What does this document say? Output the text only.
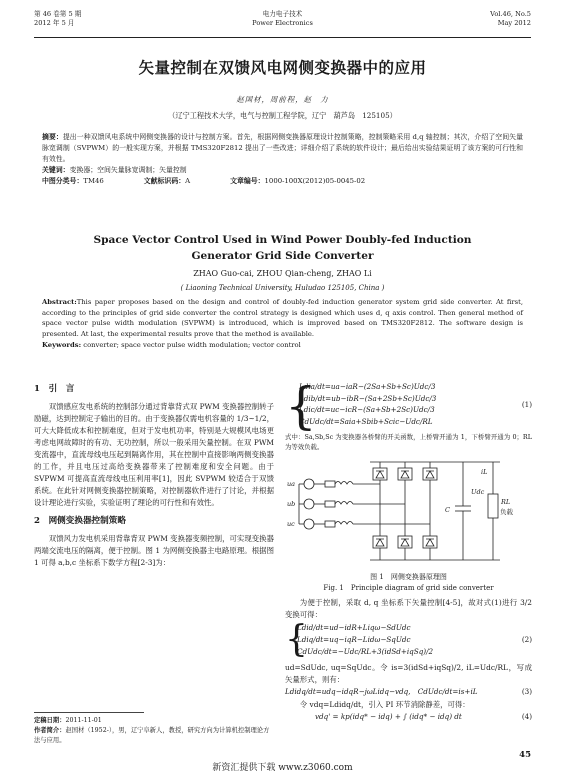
第 46 卷第 5 期
2012 年 5 月
电力电子技术
Power Electronics
Vol.46, No.5
May 2012
矢量控制在双馈风电网侧变换器中的应用
赵国材，周前程，赵　力
（辽宁工程技术大学，电气与控制工程学院，辽宁　葫芦岛　125105）
摘要：提出一种双馈风电系统中网侧变换器的设计与控制方案。首先，根据网侧变换器原理设计控制策略，控制策略采用 d,q 轴控制；其次，介绍了空间矢量脉宽调制（SVPWM）的一般实现方案，并根据 TMS320F2812 提出了一些改进；详细介绍了系统的软件设计；最后给出实验结果证明了该方案的可行性和有效性。
关键词：变换器；空间矢量脉宽调制；矢量控制
中图分类号：TM46	文献标识码：A	文章编号：1000-100X(2012)05-0045-02
Space Vector Control Used in Wind Power Doubly-fed Induction
Generator Grid Side Converter
ZHAO Guo-cai, ZHOU Qian-cheng, ZHAO Li
( Liaoning Technical University, Huludao 125105, China )
Abstract:This paper proposes based on the design and control of doubly-fed induction generator system grid side converter. At first, according to the principles of grid side converter the control strategy is designed which uses d, q axis control. Then general method of space vector pulse width modulation (SVPWM) is introduced, which is improved based on TMS320F2812. The software design is presented. At last, the experimental results prove that the method is available.
Keywords: converter; space vector pulse width modulation; vector control
1　引　言
双馈感应发电系统的控制部分通过背靠背式双 PWM 变换器控制转子励磁，达到控制定子输出的目的。由于变换器仅需电机容量的 1/3~1/2，可大大降低成本和控制难度，但对于发电机功率，特别是大规模风电场更考虑电网故障时的有功、无功控制，所以一般采用矢量控制。在双 PWM 变流器中，直流母线电压起到隔离作用，其在控制中直接影响两侧变换器的工作，并且电压过高给变换器带来了控制难度和安全问题。由于 SVPWM 可提高直流母线电压利用率[1]，因此 SVPWM 较适合于双馈系统。在此针对网侧变换器控制策略，对控制器软件进行了讨论，并根据设计理论进行实验，实验证明了理论的可行性和有效性。
2　网侧变换器控制策略
双馈风力发电机采用背靠背双 PWM 变换器变频控制，可实现变换器两端交流电压的隔离，便于控制。图 1 为网侧变换器主电路原理。根据图 1 可得 a,b,c 坐标系下数学方程[2-3]为：
定稿日期：2011-11-01
作者简介：赵国材（1952-），男，辽宁阜新人，教授，研究方向为计算机控制理论方法与应用。
{
Ldia/dt=ua−iaR−(2Sa+Sb+Sc)Udc/3
Ldib/dt=ub−ibR−(Sa+2Sb+Sc)Udc/3
Ldic/dt=uc−icR−(Sa+Sb+2Sc)Udc/3
CdUdc/dt=Saia+Sbib+Scic−Udc/RL
(1)
式中：Sa,Sb,Sc 为变换器各桥臂的开关函数，上桥臂开通为 1，下桥臂开通为 0；RL 为等效负载。
ua
ub
uc
C
RL
负载
iL
Udc
图 1　网侧变换器原理图
Fig. 1　Principle diagram of grid side converter
为便于控制，采取 d, q 坐标系下矢量控制[4-5]，故对式(1)进行 3/2 变换可得：
{
Ldid/dt=ud−idR+Liqω−SdUdc
Ldiq/dt=uq−iqR−Lidω−SqUdc
CdUdc/dt=−Udc/RL+3(idSd+iqSq)/2
(2)
ud=SdUdc, uq=SqUdc。令 is=3(idSd+iqSq)/2, iL=Udc/RL，写成矢量形式，则有：
Ldidq/dt=udq−idqR−jωLidq−vdq,　CdUdc/dt=is+iL	(3)
令 vdq=Ldidq/dt，引入 PI 环节消除静差，可得：
vdq' = kp(idq* − idq) + ∫ (idq* − idq) dt	(4)
45
新资汇提供下载 www.z3060.com
